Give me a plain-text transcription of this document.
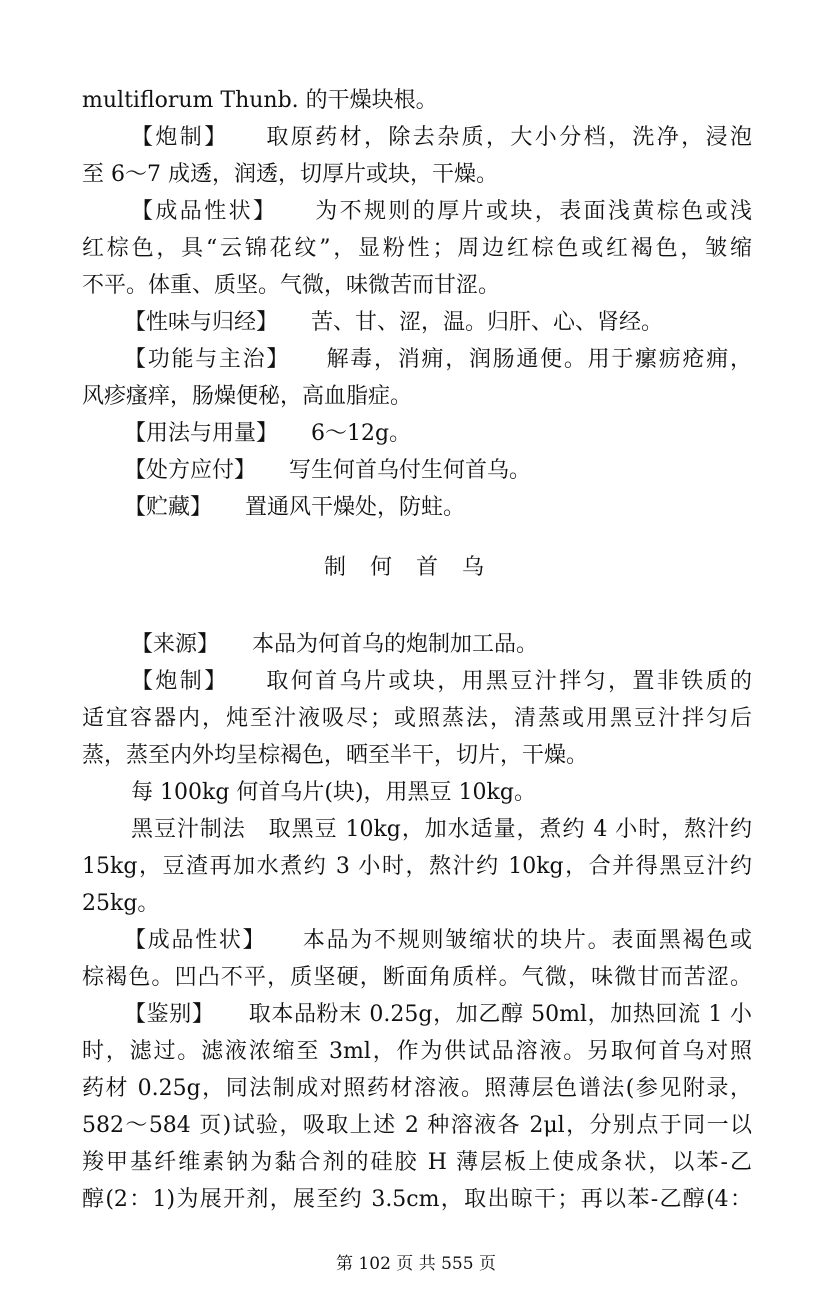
multiflorum Thunb. 的干燥块根。
【炮制】　　取原药材，除去杂质，大小分档，洗净，浸泡
至 6～7 成透，润透，切厚片或块，干燥。
【成品性状】　　为不规则的厚片或块，表面浅黄棕色或浅
红棕色，具“云锦花纹”，显粉性；周边红棕色或红褐色，皱缩
不平。体重、质坚。气微，味微苦而甘涩。
【性味与归经】　　苦、甘、涩，温。归肝、心、肾经。
【功能与主治】　　解毒，消痈，润肠通便。用于瘰疬疮痈，
风疹瘙痒，肠燥便秘，高血脂症。
【用法与用量】　　6～12g。
【处方应付】　　写生何首乌付生何首乌。
【贮藏】　　置通风干燥处，防蛀。
制何首乌
【来源】　　本品为何首乌的炮制加工品。
【炮制】　　取何首乌片或块，用黑豆汁拌匀，置非铁质的
适宜容器内，炖至汁液吸尽；或照蒸法，清蒸或用黑豆汁拌匀后
蒸，蒸至内外均呈棕褐色，晒至半干，切片，干燥。
每 100kg 何首乌片(块)，用黑豆 10kg。
黑豆汁制法　取黑豆 10kg，加水适量，煮约 4 小时，熬汁约
15kg，豆渣再加水煮约 3 小时，熬汁约 10kg，合并得黑豆汁约
25kg。
【成品性状】　　本品为不规则皱缩状的块片。表面黑褐色或
棕褐色。凹凸不平，质坚硬，断面角质样。气微，味微甘而苦涩。
【鉴别】　　取本品粉末 0.25g，加乙醇 50ml，加热回流 1 小
时，滤过。滤液浓缩至 3ml，作为供试品溶液。另取何首乌对照
药材 0.25g，同法制成对照药材溶液。照薄层色谱法(参见附录，
582～584 页)试验，吸取上述 2 种溶液各 2μl，分别点于同一以
羧甲基纤维素钠为黏合剂的硅胶 H 薄层板上使成条状，以苯-乙
醇(2：1)为展开剂，展至约 3.5cm，取出晾干；再以苯-乙醇(4：
第 102 页 共 555 页
